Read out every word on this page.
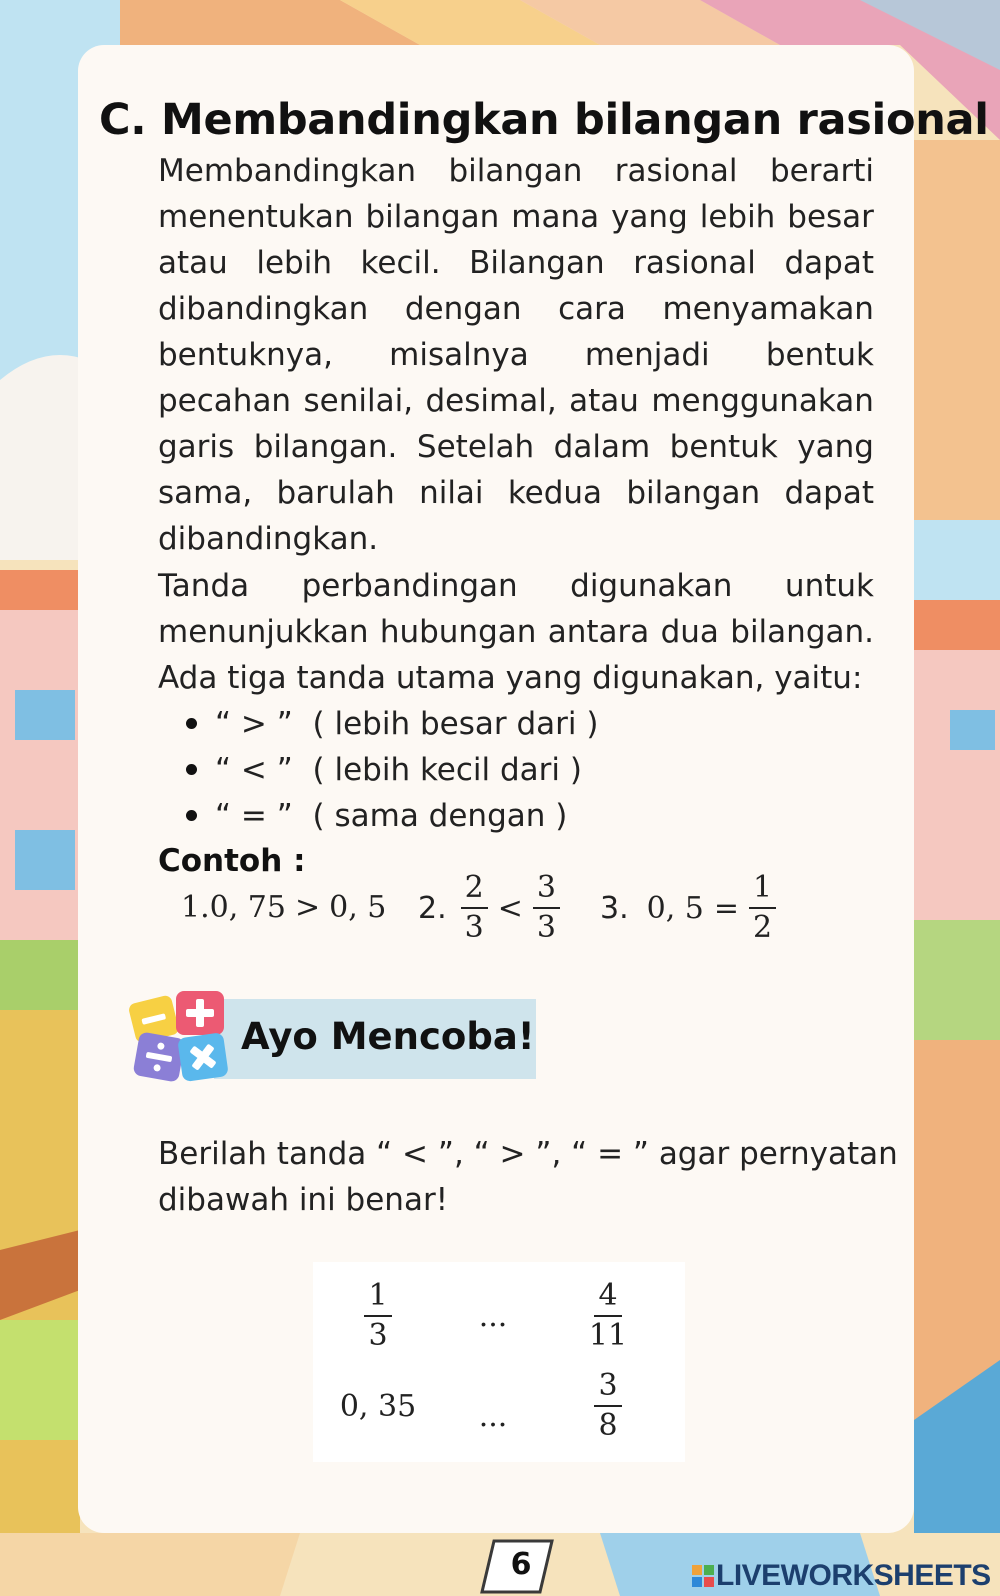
C. Membandingkan bilangan rasional
Membandingkan bilangan rasional berarti
menentukan bilangan mana yang lebih besar
atau lebih kecil. Bilangan rasional dapat
dibandingkan dengan cara menyamakan
bentuknya, misalnya menjadi bentuk
pecahan senilai, desimal, atau menggunakan
garis bilangan. Setelah dalam bentuk yang
sama, barulah nilai kedua bilangan dapat
dibandingkan.
Tanda perbandingan digunakan untuk
menunjukkan hubungan antara dua bilangan.
Ada tiga tanda utama yang digunakan, yaitu:
“ > ” ( lebih besar dari )
“ < ” ( lebih kecil dari )
“ = ” ( sama dengan )
Contoh :
1. 0, 75 > 0, 5 2. $\frac{2}{3} < \frac{3}{3} 3$. 0, $5 = \frac{1}{2}$
Ayo Mencoba!
Berilah tanda “ < ”, “ > ”, “ = ” agar pernyatan
dibawah ini benar!
$\frac{1}{3}$	...	$\frac{4}{11}$
0, 35	...	$\frac{3}{8}$
6	LIVEWORKSHEETS
